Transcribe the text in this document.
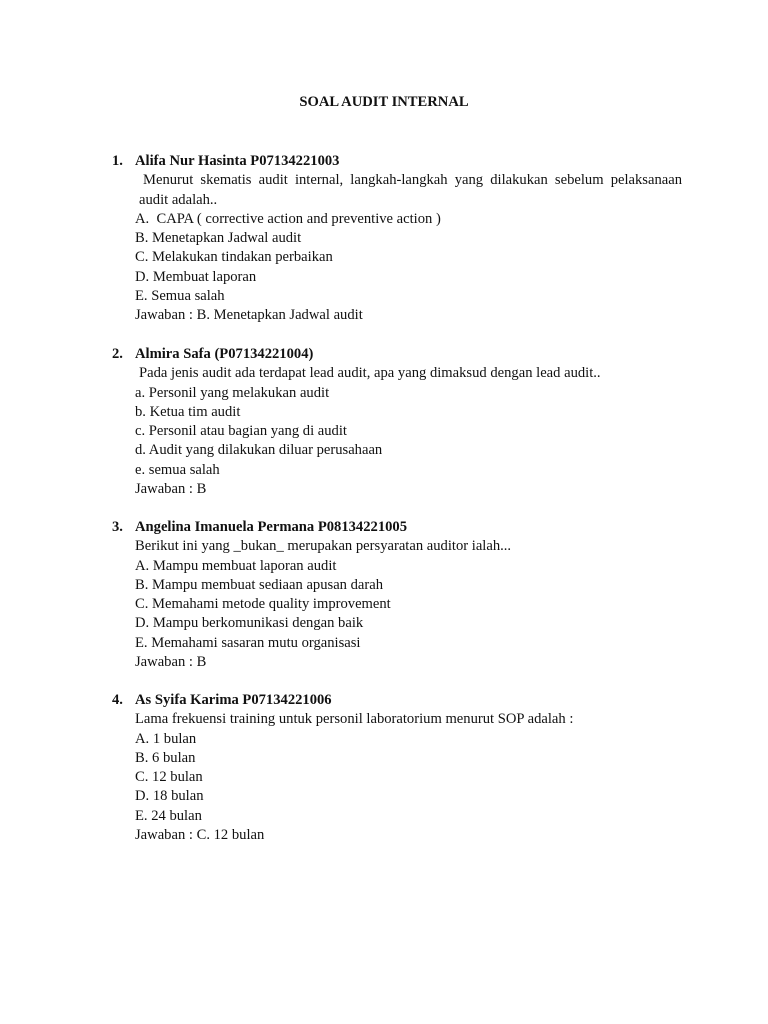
SOAL AUDIT INTERNAL
1. Alifa Nur Hasinta P07134221003
Menurut skematis audit internal, langkah-langkah yang dilakukan sebelum pelaksanaan audit adalah..
A.  CAPA ( corrective action and preventive action )
B. Menetapkan Jadwal audit
C. Melakukan tindakan perbaikan
D. Membuat laporan
E. Semua salah
Jawaban : B. Menetapkan Jadwal audit
2. Almira Safa (P07134221004)
Pada jenis audit ada terdapat lead audit, apa yang dimaksud dengan lead audit..
a. Personil yang melakukan audit
b. Ketua tim audit
c. Personil atau bagian yang di audit
d. Audit yang dilakukan diluar perusahaan
e. semua salah
Jawaban : B
3. Angelina Imanuela Permana P08134221005
Berikut ini yang _bukan_ merupakan persyaratan auditor ialah...
A. Mampu membuat laporan audit
B. Mampu membuat sediaan apusan darah
C. Memahami metode quality improvement
D. Mampu berkomunikasi dengan baik
E. Memahami sasaran mutu organisasi
Jawaban : B
4. As Syifa Karima P07134221006
Lama frekuensi training untuk personil laboratorium menurut SOP adalah :
A. 1 bulan
B. 6 bulan
C. 12 bulan
D. 18 bulan
E. 24 bulan
Jawaban : C. 12 bulan
